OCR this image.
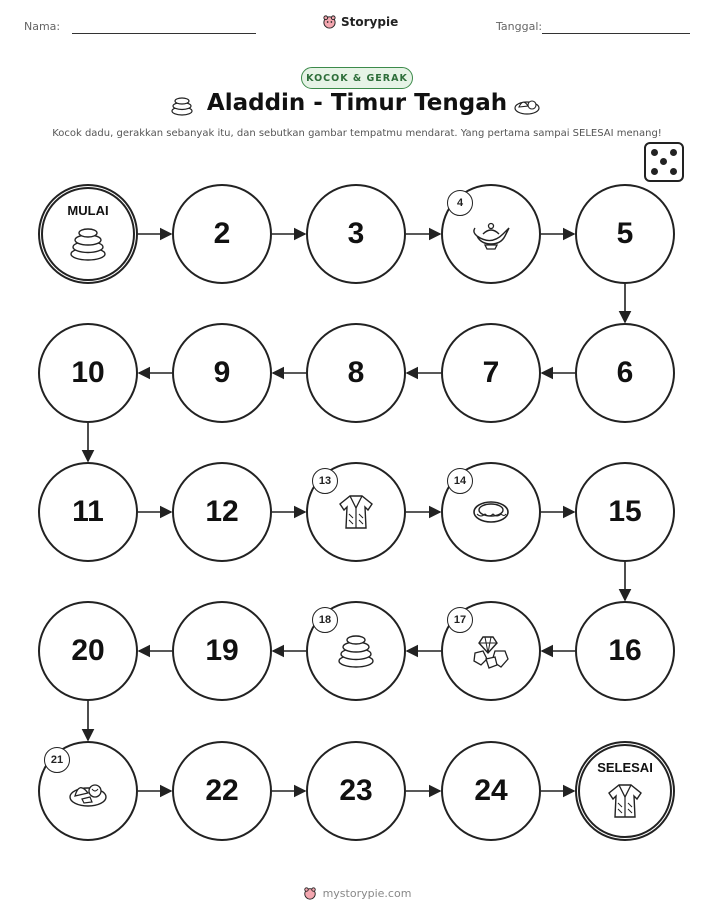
Nama:	Storypie	Tanggal:
KOCOK & GERAK
Aladdin - Timur Tengah
Kocok dadu, gerakkan sebanyak itu, dan sebutkan gambar tempatmu mendarat. Yang pertama sampai SELESAI menang!
MULAI
2	3
4
5
6
7
8
9
10
11	12
13	14
15
16
17
18
19
20
21
22	23	24
SELESAI
mystorypie.com
